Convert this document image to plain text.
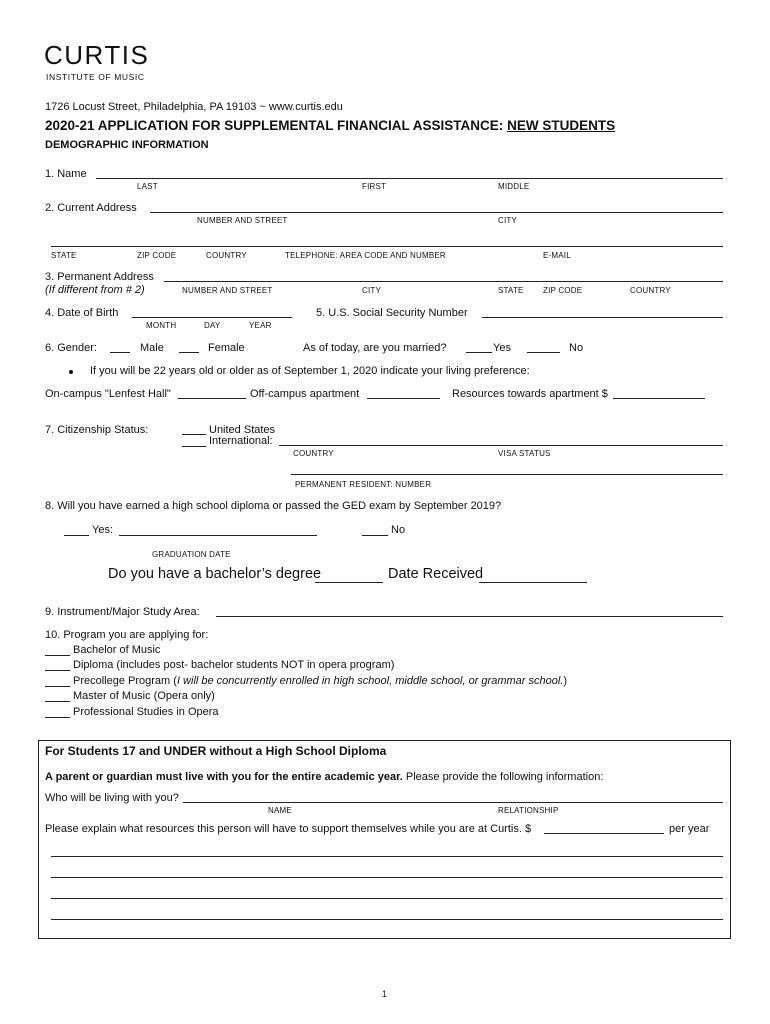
CURTIS
INSTITUTE OF MUSIC
1726 Locust Street, Philadelphia, PA 19103 ~ www.curtis.edu
2020-21 APPLICATION FOR SUPPLEMENTAL FINANCIAL ASSISTANCE: NEW STUDENTS
DEMOGRAPHIC INFORMATION
1. Name
LAST	FIRST	MIDDLE
2. Current Address
NUMBER AND STREET	CITY
STATE	ZIP CODE	COUNTRY	TELEPHONE: AREA CODE AND NUMBER	E-MAIL
3. Permanent Address
(If different from # 2)	NUMBER AND STREET	CITY	STATE ZIP CODE	COUNTRY
4. Date of Birth
MONTH	DAY	YEAR
5. U.S. Social Security Number
6. Gender:	Male	Female	As of today, are you married?	Yes	No
If you will be 22 years old or older as of September 1, 2020 indicate your living preference:
On-campus "Lenfest Hall"	Off-campus apartment	Resources towards apartment $
7. Citizenship Status:	United States
International:
COUNTRY	VISA STATUS
PERMANENT RESIDENT: NUMBER
8. Will you have earned a high school diploma or passed the GED exam by September 2019?
Yes:	No
GRADUATION DATE
Do you have a bachelor’s degree	Date Received
9. Instrument/Major Study Area:
10. Program you are applying for:
Bachelor of Music
Diploma (includes post- bachelor students NOT in opera program)
Precollege Program (I will be concurrently enrolled in high school, middle school, or grammar school.)
Master of Music (Opera only)
Professional Studies in Opera
For Students 17 and UNDER without a High School Diploma
A parent or guardian must live with you for the entire academic year. Please provide the following information:
Who will be living with you?
NAME	RELATIONSHIP
Please explain what resources this person will have to support themselves while you are at Curtis. $	per year
1
